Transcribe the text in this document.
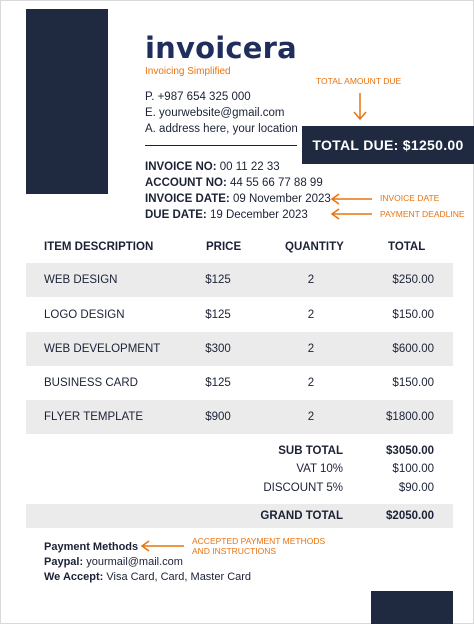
invoicera
Invoicing Simplified
P. +987 654 325 000
E. yourwebsite@gmail.com
A. address here, your location
TOTAL AMOUNT DUE
TOTAL DUE: $1250.00
INVOICE NO: 00 11 22 33
ACCOUNT NO: 44 55 66 77 88 99
INVOICE DATE: 09 November 2023
DUE DATE: 19 December 2023
INVOICE DATE
PAYMENT DEADLINE
ITEM DESCRIPTION	PRICE	QUANTITY	TOTAL
WEB DESIGN	$125	2	$250.00
LOGO DESIGN	$125	2	$150.00
WEB DEVELOPMENT	$300	2	$600.00
BUSINESS CARD	$125	2	$150.00
FLYER TEMPLATE	$900	2	$1800.00
SUB TOTAL	$3050.00
VAT 10%	$100.00
DISCOUNT 5%	$90.00
GRAND TOTAL	$2050.00
Payment Methods	ACCEPTED PAYMENT METHODS
AND INSTRUCTIONS
Paypal: yourmail@mail.com
We Accept: Visa Card, Card, Master Card
